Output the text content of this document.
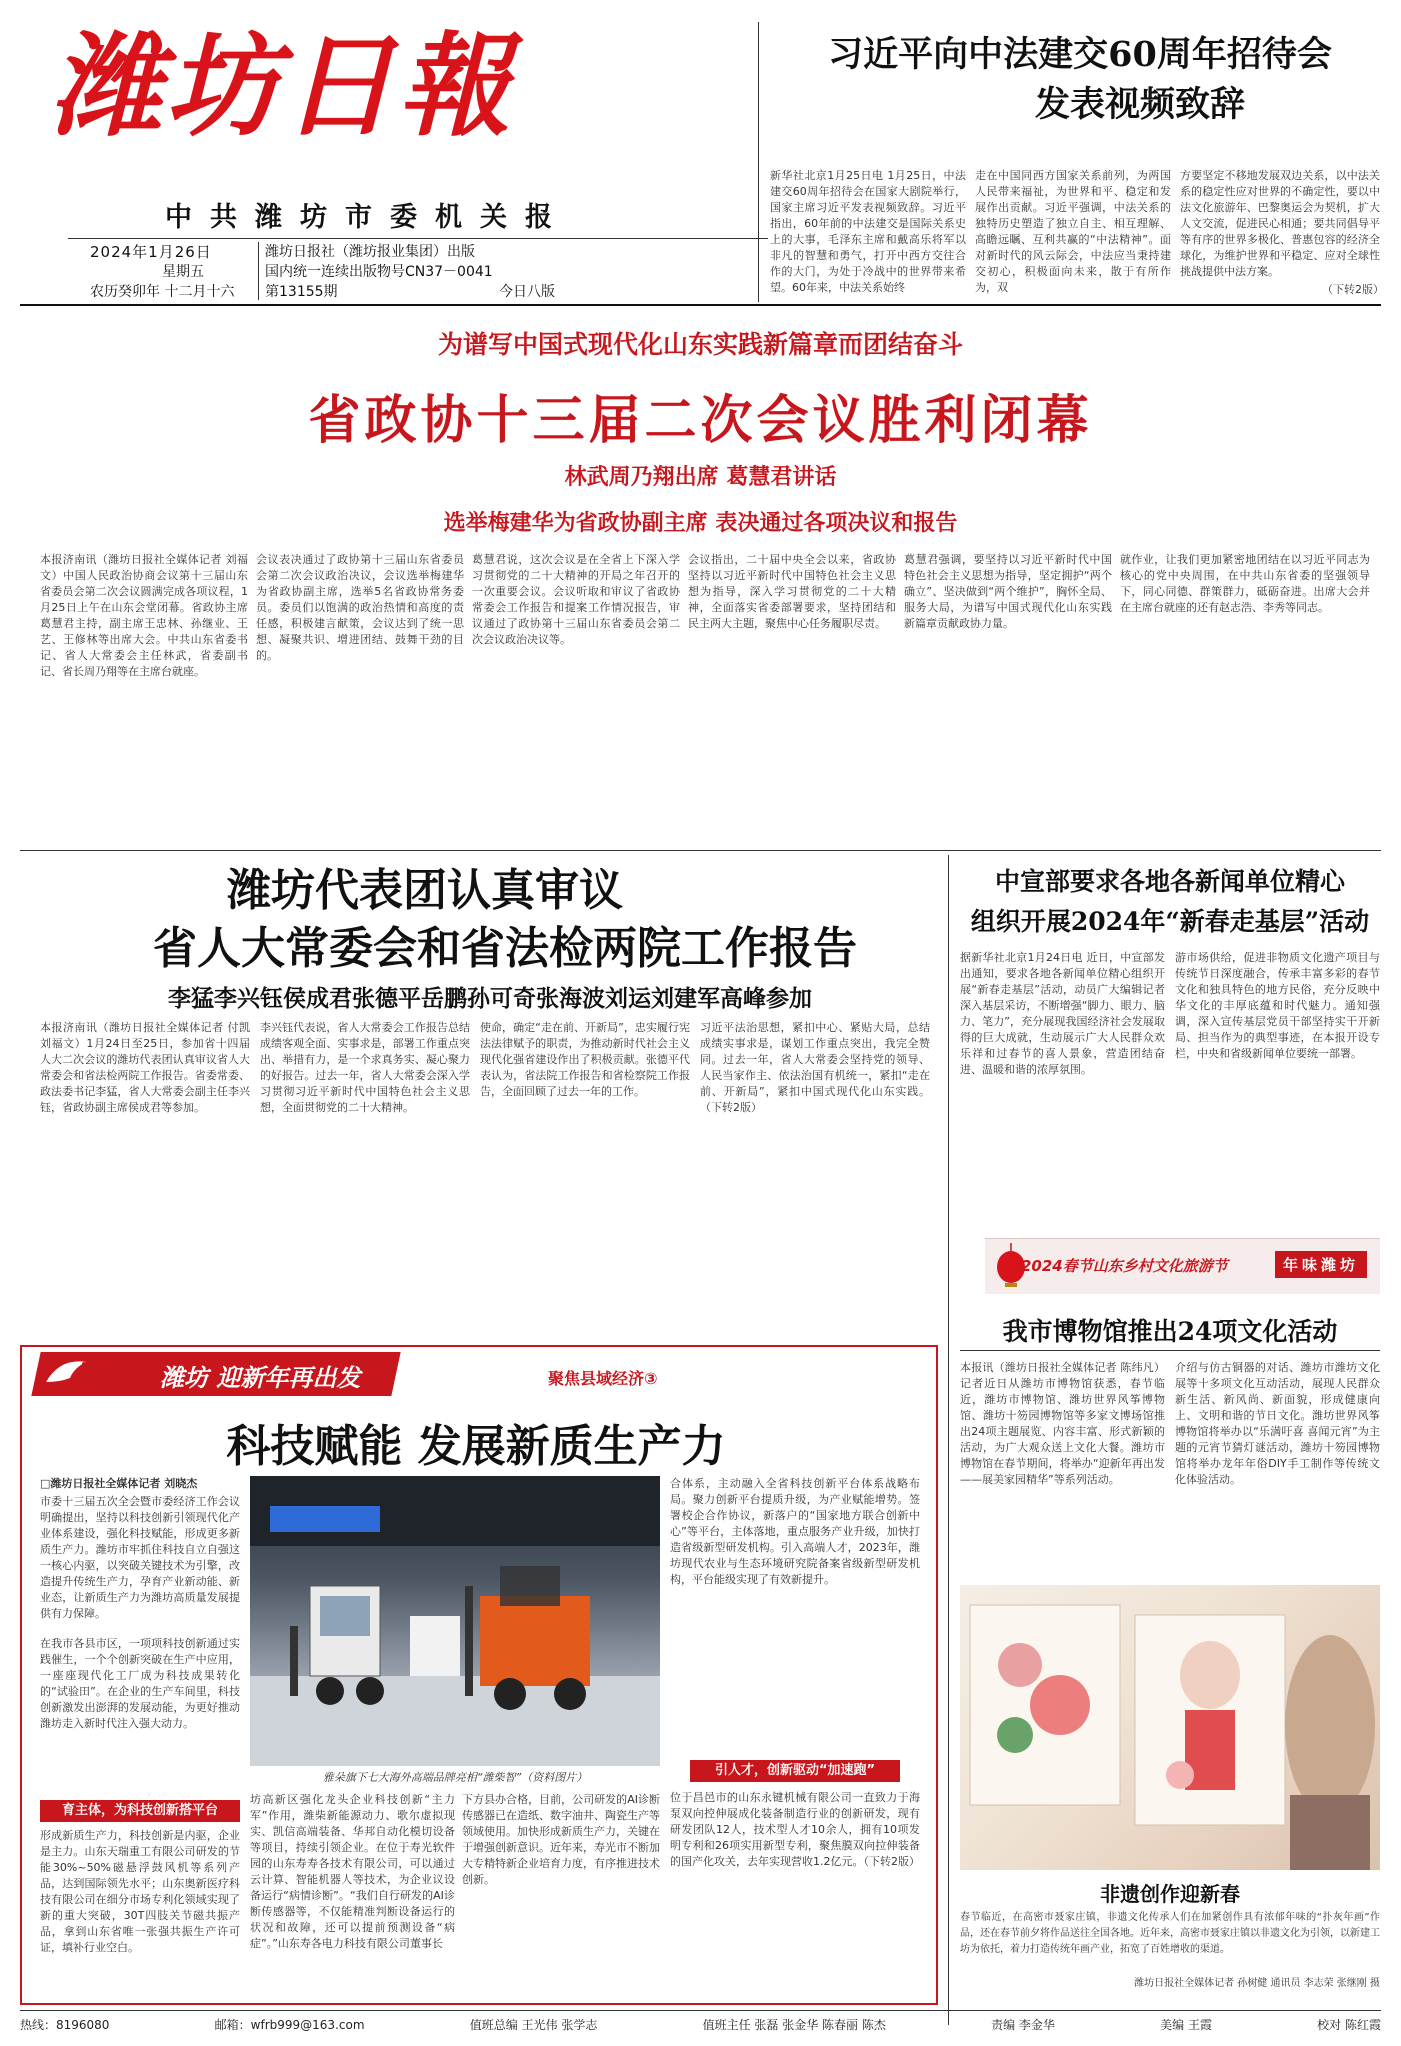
潍坊日報
中共潍坊市委机关报
2024年1月26日
星期五
农历癸卯年 十二月十六
潍坊日报社（潍坊报业集团）出版
国内统一连续出版物号CN37－0041
第13155期	今日八版
习近平向中法建交60周年招待会
发表视频致辞
新华社北京1月25日电 1月25日，中法建交60周年招待会在国家大剧院举行，国家主席习近平发表视频致辞。习近平指出，60年前的中法建交是国际关系史上的大事，毛泽东主席和戴高乐将军以非凡的智慧和勇气，打开中西方交往合作的大门，为处于冷战中的世界带来希望。60年来，中法关系始终
走在中国同西方国家关系前列，为两国人民带来福祉，为世界和平、稳定和发展作出贡献。习近平强调，中法关系的独特历史塑造了独立自主、相互理解、高瞻远瞩、互利共赢的“中法精神”。面对新时代的风云际会，中法应当秉持建交初心，积极面向未来，散于有所作为，双
方要坚定不移地发展双边关系，以中法关系的稳定性应对世界的不确定性，要以中法文化旅游年、巴黎奥运会为契机，扩大人文交流，促进民心相通；要共同倡导平等有序的世界多极化、普惠包容的经济全球化，为维护世界和平稳定、应对全球性挑战提供中法方案。
（下转2版）
为谱写中国式现代化山东实践新篇章而团结奋斗
省政协十三届二次会议胜利闭幕
林武周乃翔出席 葛慧君讲话
选举梅建华为省政协副主席 表决通过各项决议和报告
本报济南讯（潍坊日报社全媒体记者 刘福文）中国人民政治协商会议第十三届山东省委员会第二次会议圆满完成各项议程，1月25日上午在山东会堂闭幕。省政协主席葛慧君主持，副主席王忠林、孙继业、王艺、王修林等出席大会。中共山东省委书记、省人大常委会主任林武，省委副书记、省长周乃翔等在主席台就座。
会议表决通过了政协第十三届山东省委员会第二次会议政治决议，会议选举梅建华为省政协副主席，选举5名省政协常务委员。委员们以饱满的政治热情和高度的责任感，积极建言献策，会议达到了统一思想、凝聚共识、增进团结、鼓舞干劲的目的。
葛慧君说，这次会议是在全省上下深入学习贯彻党的二十大精神的开局之年召开的一次重要会议。会议听取和审议了省政协常委会工作报告和提案工作情况报告，审议通过了政协第十三届山东省委员会第二次会议政治决议等。
会议指出，二十届中央全会以来，省政协坚持以习近平新时代中国特色社会主义思想为指导，深入学习贯彻党的二十大精神，全面落实省委部署要求，坚持团结和民主两大主题，聚焦中心任务履职尽责。
葛慧君强调，要坚持以习近平新时代中国特色社会主义思想为指导，坚定拥护“两个确立”、坚决做到“两个维护”，胸怀全局、服务大局，为谱写中国式现代化山东实践新篇章贡献政协力量。
就作业，让我们更加紧密地团结在以习近平同志为核心的党中央周围，在中共山东省委的坚强领导下，同心同德、群策群力，砥砺奋进。出席大会并在主席台就座的还有赵志浩、李秀等同志。
潍坊代表团认真审议
省人大常委会和省法检两院工作报告
李猛李兴钰侯成君张德平岳鹏孙可奇张海波刘运刘建军高峰参加
本报济南讯（潍坊日报社全媒体记者 付凯 刘福文）1月24日至25日，参加省十四届人大二次会议的潍坊代表团认真审议省人大常委会和省法检两院工作报告。省委常委、政法委书记李猛，省人大常委会副主任李兴钰，省政协副主席侯成君等参加。
李兴钰代表说，省人大常委会工作报告总结成绩客观全面、实事求是，部署工作重点突出、举措有力，是一个求真务实、凝心聚力的好报告。过去一年，省人大常委会深入学习贯彻习近平新时代中国特色社会主义思想，全面贯彻党的二十大精神。
使命，确定“走在前、开新局”，忠实履行宪法法律赋予的职责，为推动新时代社会主义现代化强省建设作出了积极贡献。张德平代表认为，省法院工作报告和省检察院工作报告，全面回顾了过去一年的工作。
习近平法治思想，紧扣中心、紧贴大局，总结成绩实事求是，谋划工作重点突出，我完全赞同。过去一年，省人大常委会坚持党的领导、人民当家作主、依法治国有机统一，紧扣“走在前、开新局”，紧扣中国式现代化山东实践。（下转2版）
中宣部要求各地各新闻单位精心
组织开展2024年“新春走基层”活动
据新华社北京1月24日电 近日，中宣部发出通知，要求各地各新闻单位精心组织开展“新春走基层”活动，动员广大编辑记者深入基层采访，不断增强“脚力、眼力、脑力、笔力”，充分展现我国经济社会发展取得的巨大成就，生动展示广大人民群众欢乐祥和过春节的喜人景象，营造团结奋进、温暖和谐的浓厚氛围。
游市场供给，促进非物质文化遗产项目与传统节日深度融合，传承丰富多彩的春节文化和独具特色的地方民俗，充分反映中华文化的丰厚底蕴和时代魅力。通知强调，深入宣传基层党员干部坚持实干开新局、担当作为的典型事迹，在本报开设专栏，中央和省级新闻单位要统一部署。
2024春节山东乡村文化旅游节	年味潍坊
我市博物馆推出24项文化活动
本报讯（潍坊日报社全媒体记者 陈纬凡）记者近日从潍坊市博物馆获悉，春节临近，潍坊市博物馆、潍坊世界风筝博物馆、潍坊十笏园博物馆等多家文博场馆推出24项主题展览、内容丰富、形式新颖的活动，为广大观众送上文化大餐。潍坊市博物馆在春节期间，将举办“迎新年再出发——展美家园精华”等系列活动。
介绍与仿古铜器的对话、潍坊市潍坊文化展等十多项文化互动活动，展现人民群众新生活、新风尚、新面貌，形成健康向上、文明和谐的节日文化。潍坊世界风筝博物馆将举办以“乐满吁喜 喜闻元宵”为主题的元宵节猜灯谜活动，潍坊十笏园博物馆将举办龙年年俗DIY手工制作等传统文化体验活动。
非遗创作迎新春
春节临近，在高密市聂家庄镇，非遗文化传承人们在加紧创作具有浓郁年味的“扑灰年画”作品，还在春节前夕将作品送往全国各地。近年来，高密市聂家庄镇以非遗文化为引领，以新建工坊为依托，着力打造传统年画产业，拓宽了百姓增收的渠道。
潍坊日报社全媒体记者 孙树健 通讯员 李志荣 张继刚 摄
潍坊 迎新年再出发	聚焦县域经济③
科技赋能 发展新质生产力
□潍坊日报社全媒体记者 刘晓杰
市委十三届五次全会暨市委经济工作会议明确提出，坚持以科技创新引领现代化产业体系建设，强化科技赋能，形成更多新质生产力。潍坊市牢抓住科技自立自强这一核心内驱，以突破关键技术为引擎，改造提升传统生产力，孕育产业新动能、新业态，让新质生产力为潍坊高质量发展提供有力保障。
在我市各县市区，一项项科技创新通过实践催生，一个个创新突破在生产中应用，一座座现代化工厂成为科技成果转化的“试验田”。在企业的生产车间里，科技创新激发出澎湃的发展动能，为更好推动潍坊走入新时代注入强大动力。
雅朵旗下七大海外高端品牌亮相“潍柴智”（资料图片）
合体系，主动融入全省科技创新平台体系战略布局。聚力创新平台提质升级，为产业赋能增势。签署校企合作协议，新落户的“国家地方联合创新中心”等平台，主体落地，重点服务产业升级，加快打造省级新型研发机构。引入高端人才，2023年，潍坊现代农业与生态环境研究院备案省级新型研发机构，平台能级实现了有效新提升。
引人才，创新驱动“加速跑”
位于昌邑市的山东永键机械有限公司一直致力于海泵双向控伸展成化装备制造行业的创新研发，现有研发团队12人，技术型人才10余人，拥有10项发明专利和26项实用新型专利，聚焦膜双向拉伸装备的国产化攻关，去年实现营收1.2亿元。（下转2版）
育主体，为科技创新搭平台
形成新质生产力，科技创新是内驱，企业是主力。山东天瑞重工有限公司研发的节能30%~50%磁悬浮鼓风机等系列产品，达到国际领先水平；山东奥新医疗科技有限公司在细分市场专利化领域实现了新的重大突破，30T四肢关节磁共振产品，拿到山东省唯一张强共振生产许可证，填补行业空白。
坊高新区强化龙头企业科技创新“主力军”作用，潍柴新能源动力、歌尔虚拟现实、凯信高端装备、华邦自动化模切设备等项目，持续引领企业。在位于寿光软件园的山东寿寿各技术有限公司，可以通过云计算、智能机器人等技术，为企业议设备运行“病情诊断”。“我们自行研发的AI诊断传感器等，不仅能精准判断设备运行的状况和故障，还可以提前预测设备“病症”。”山东寿各电力科技有限公司董事长
下方县办合格，目前，公司研发的AI诊断传感器已在造纸、数字油井、陶瓷生产等领域使用。加快形成新质生产力，关键在于增强创新意识。近年来，寿光市不断加大专精特新企业培育力度，有序推进技术创新。
热线：8196080	邮箱：wfrb999@163.com	值班总编 王光伟 张学志	值班主任 张磊 张金华 陈春丽 陈杰	责编 李金华	美编 王霞	校对 陈红霞
